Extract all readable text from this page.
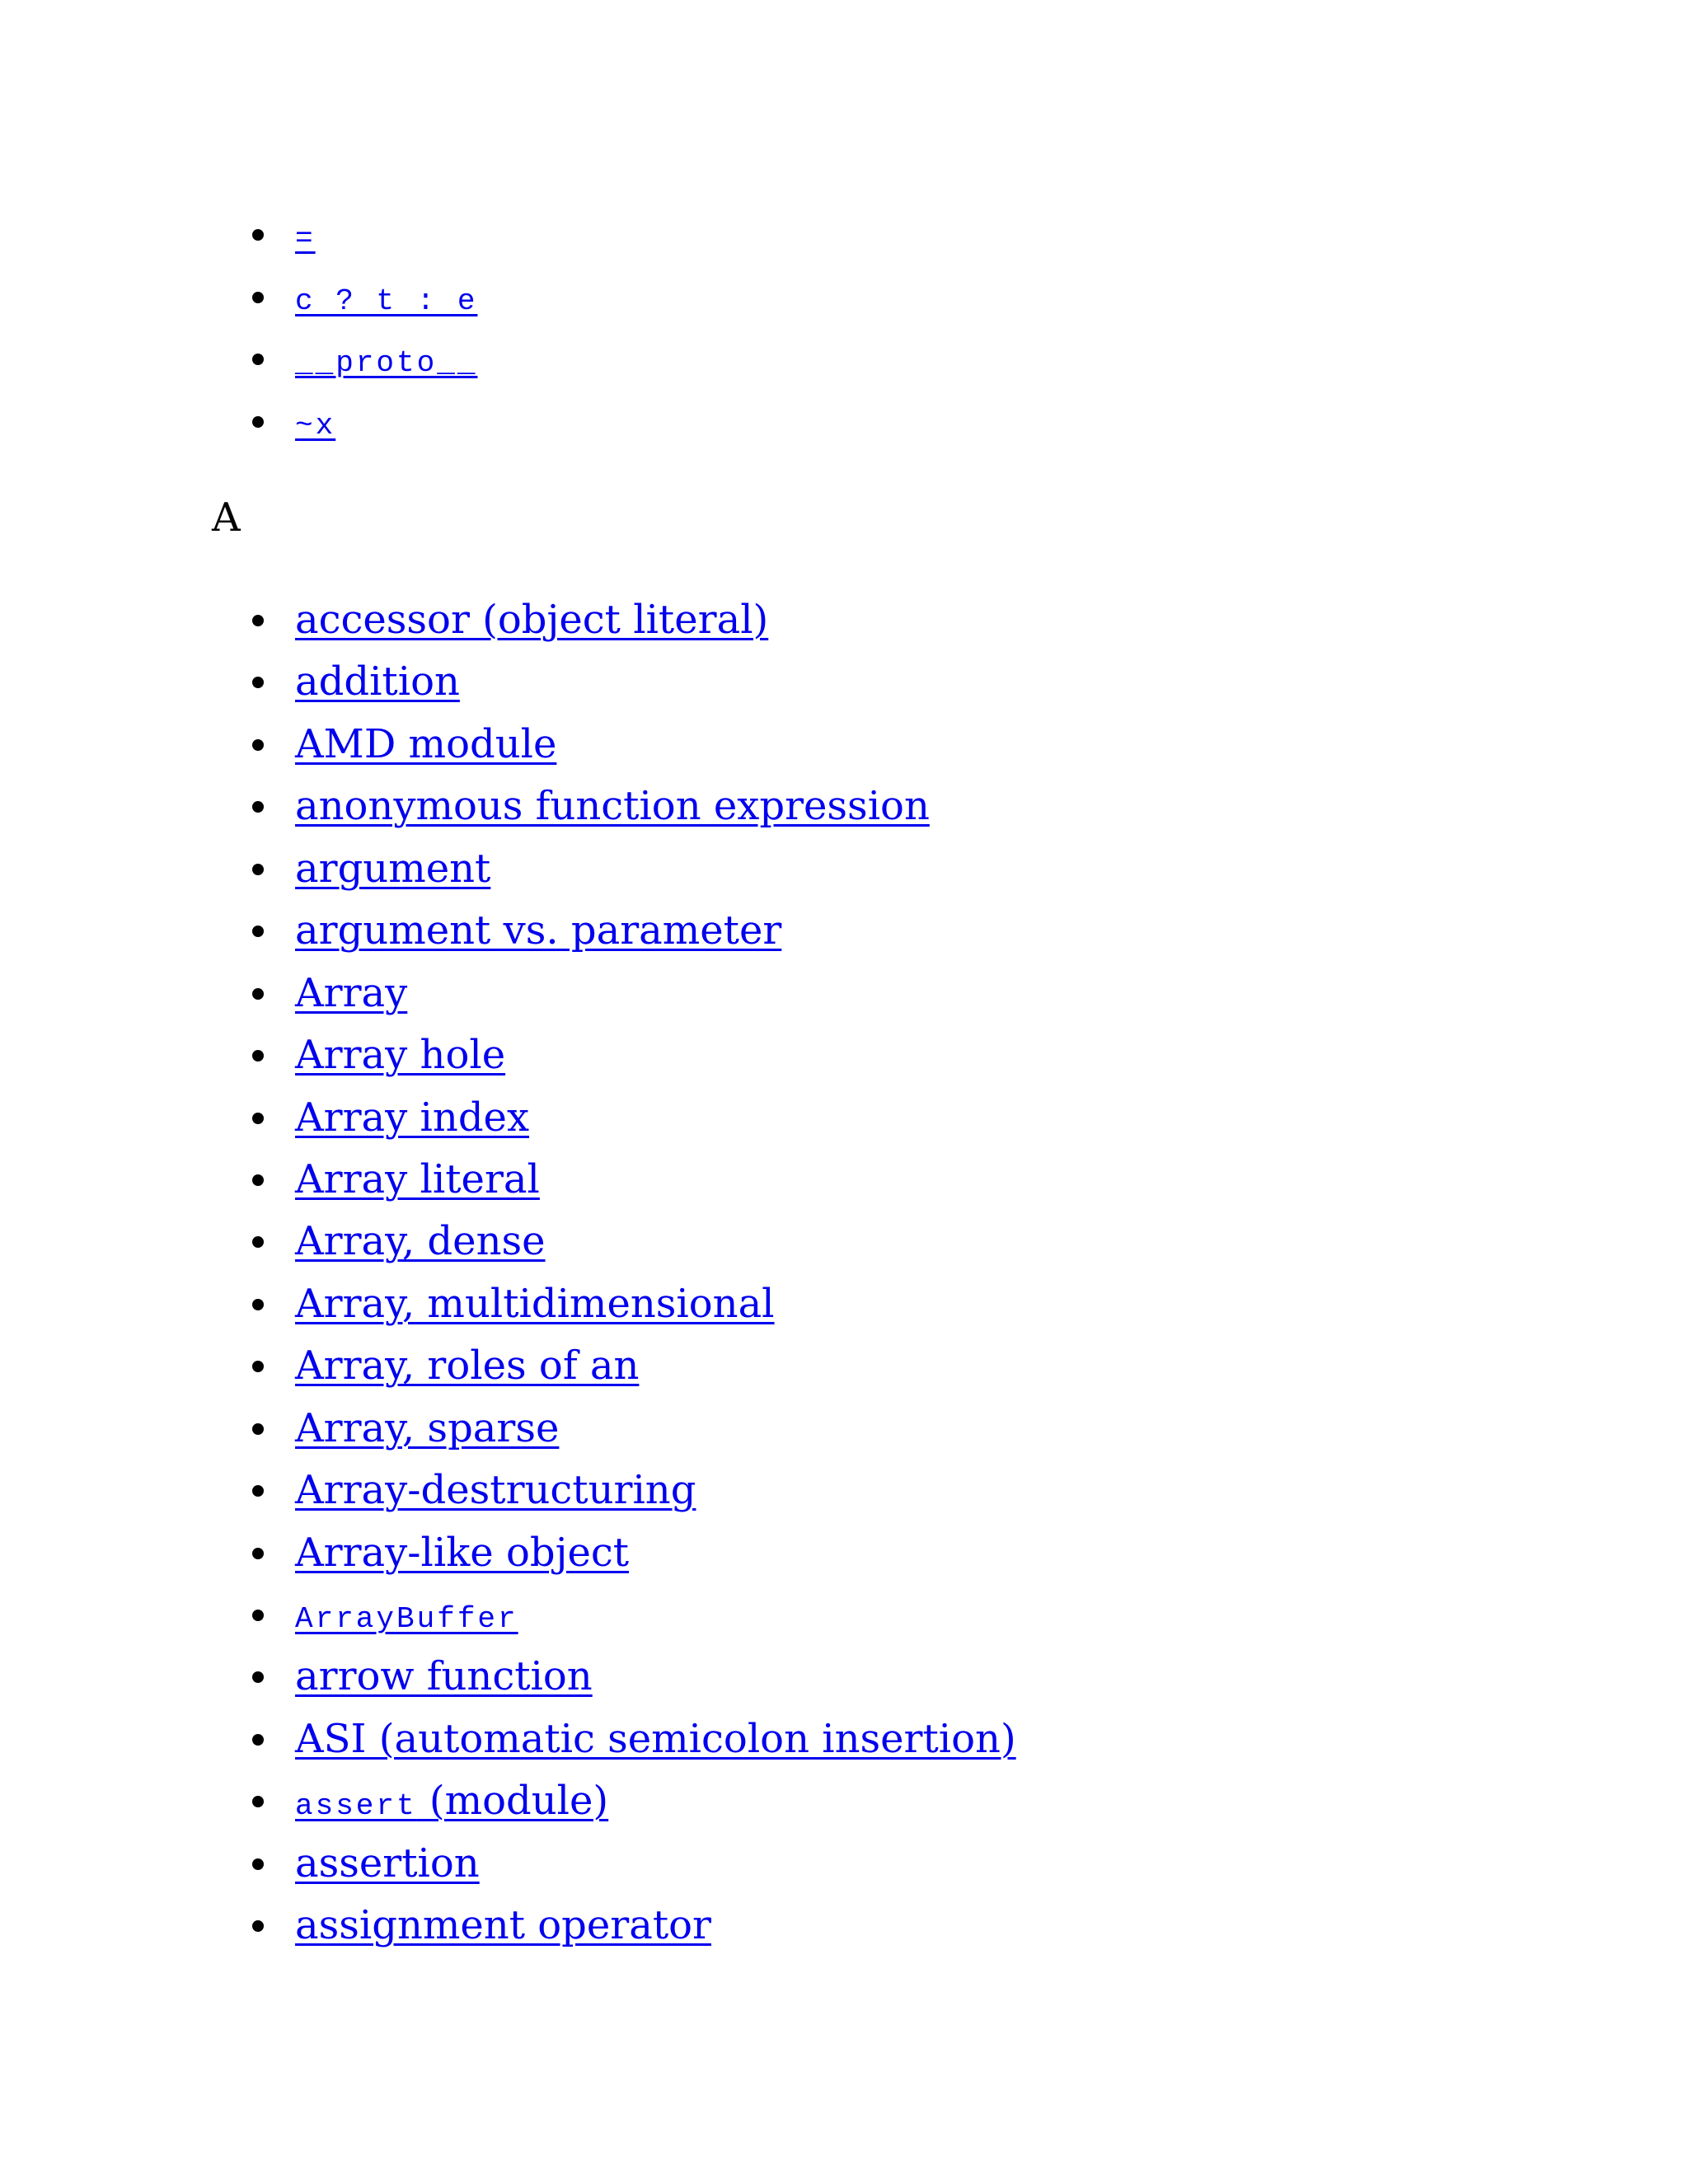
=
c ? t : e
__proto__
~x
A
accessor (object literal)
addition
AMD module
anonymous function expression
argument
argument vs. parameter
Array
Array hole
Array index
Array literal
Array, dense
Array, multidimensional
Array, roles of an
Array, sparse
Array-destructuring
Array-like object
ArrayBuffer
arrow function
ASI (automatic semicolon insertion)
assert (module)
assertion
assignment operator
